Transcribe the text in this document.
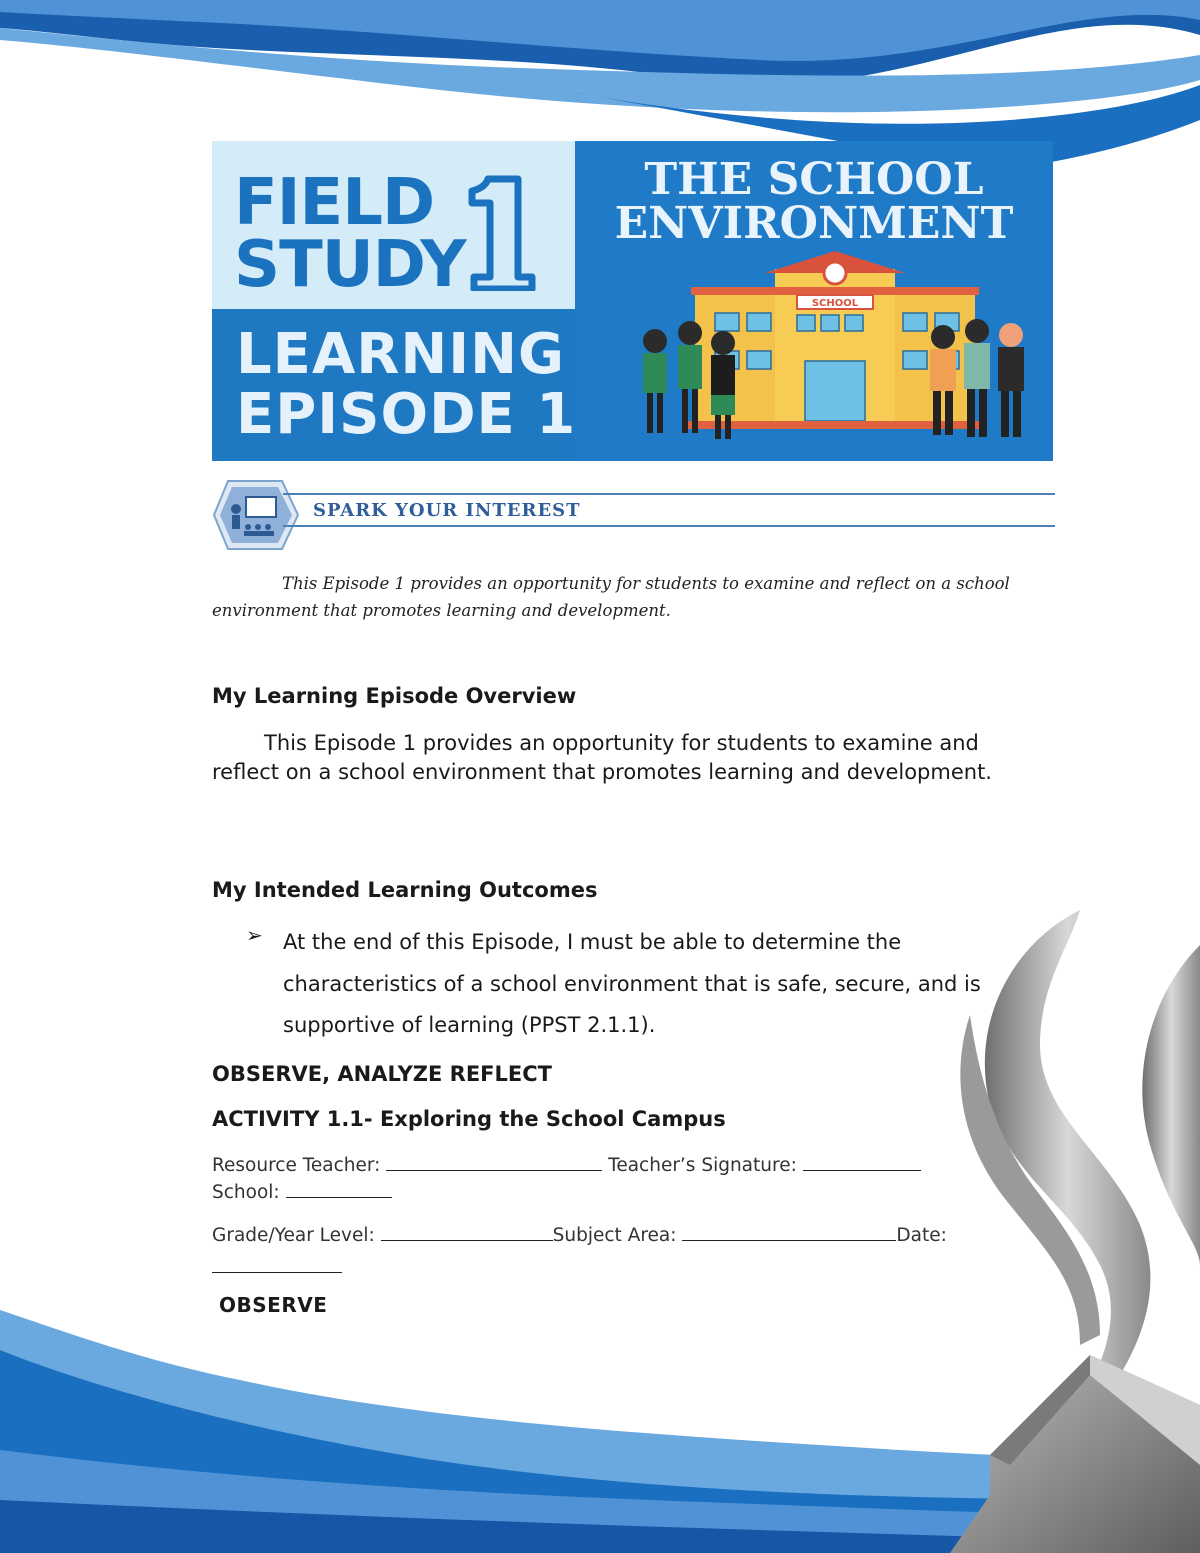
FIELD
STUDY
LEARNING
EPISODE 1
THE SCHOOL
ENVIRONMENT
SCHOOL
SPARK YOUR INTEREST
This Episode 1 provides an opportunity for students to examine and reflect on a school environment that promotes learning and development.
My Learning Episode Overview
This Episode 1 provides an opportunity for students to examine and reflect on a school environment that promotes learning and development.
My Intended Learning Outcomes
➢ At the end of this Episode, I must be able to determine the characteristics of a school environment that is safe, secure, and is supportive of learning (PPST 2.1.1).
OBSERVE, ANALYZE REFLECT
ACTIVITY 1.1- Exploring the School Campus
Resource Teacher:	Teacher’s Signature:
School:
Grade/Year Level:	Subject Area:	Date:
OBSERVE
